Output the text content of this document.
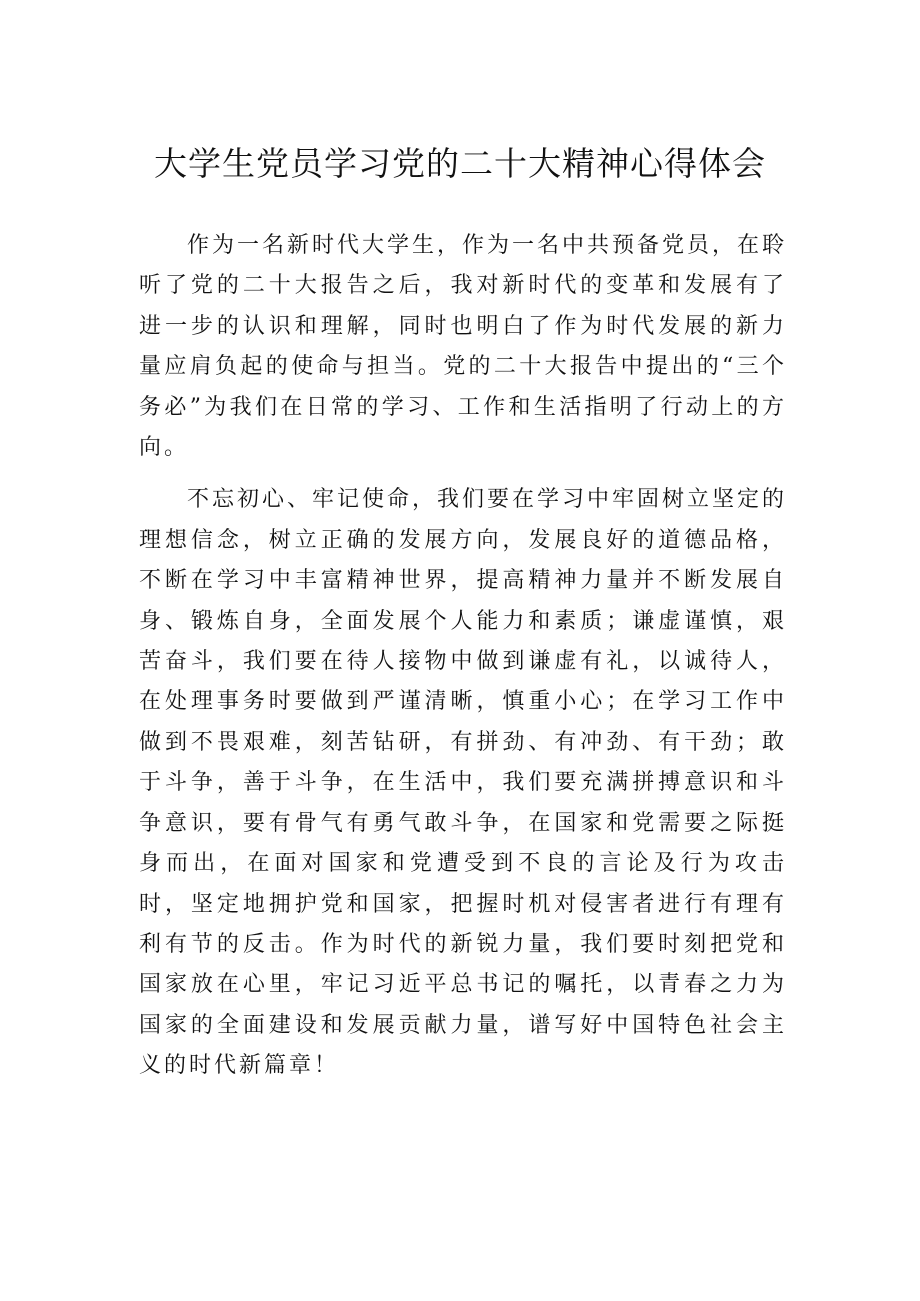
大学生党员学习党的二十大精神心得体会

作为一名新时代大学生，作为一名中共预备党员，在聆听了党的二十大报告之后，我对新时代的变革和发展有了进一步的认识和理解，同时也明白了作为时代发展的新力量应肩负起的使命与担当。党的二十大报告中提出的“三个务必”为我们在日常的学习、工作和生活指明了行动上的方向。

不忘初心、牢记使命，我们要在学习中牢固树立坚定的理想信念，树立正确的发展方向，发展良好的道德品格，不断在学习中丰富精神世界，提高精神力量并不断发展自身、锻炼自身，全面发展个人能力和素质；谦虚谨慎，艰苦奋斗，我们要在待人接物中做到谦虚有礼，以诚待人，在处理事务时要做到严谨清晰，慎重小心；在学习工作中做到不畏艰难，刻苦钻研，有拼劲、有冲劲、有干劲；敢于斗争，善于斗争，在生活中，我们要充满拼搏意识和斗争意识，要有骨气有勇气敢斗争，在国家和党需要之际挺身而出，在面对国家和党遭受到不良的言论及行为攻击时，坚定地拥护党和国家，把握时机对侵害者进行有理有利有节的反击。作为时代的新锐力量，我们要时刻把党和国家放在心里，牢记习近平总书记的嘱托，以青春之力为国家的全面建设和发展贡献力量，谱写好中国特色社会主义的时代新篇章！
